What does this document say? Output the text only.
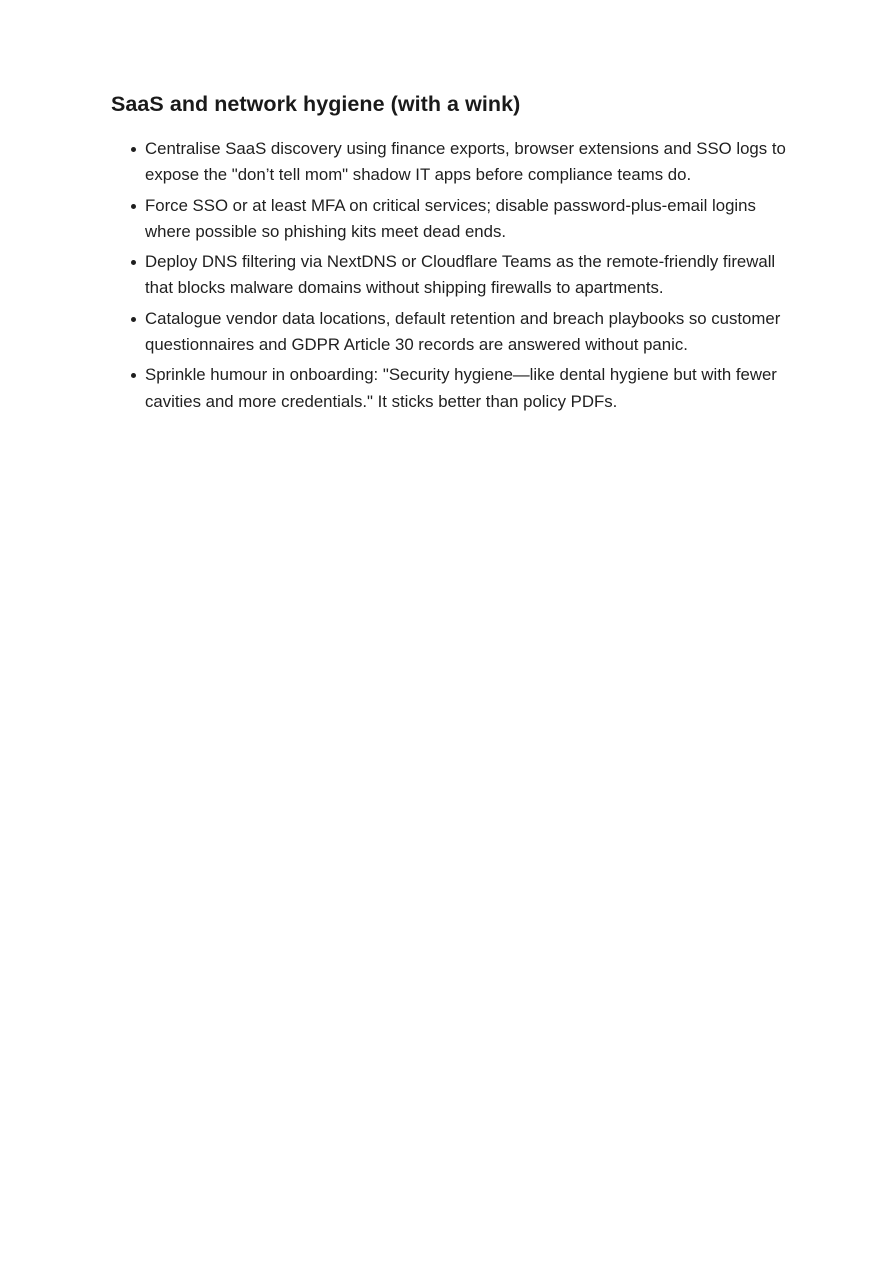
SaaS and network hygiene (with a wink)
Centralise SaaS discovery using finance exports, browser extensions and SSO logs to expose the "don’t tell mom" shadow IT apps before compliance teams do.
Force SSO or at least MFA on critical services; disable password-plus-email logins where possible so phishing kits meet dead ends.
Deploy DNS filtering via NextDNS or Cloudflare Teams as the remote-friendly firewall that blocks malware domains without shipping firewalls to apartments.
Catalogue vendor data locations, default retention and breach playbooks so customer questionnaires and GDPR Article 30 records are answered without panic.
Sprinkle humour in onboarding: "Security hygiene—like dental hygiene but with fewer cavities and more credentials." It sticks better than policy PDFs.
